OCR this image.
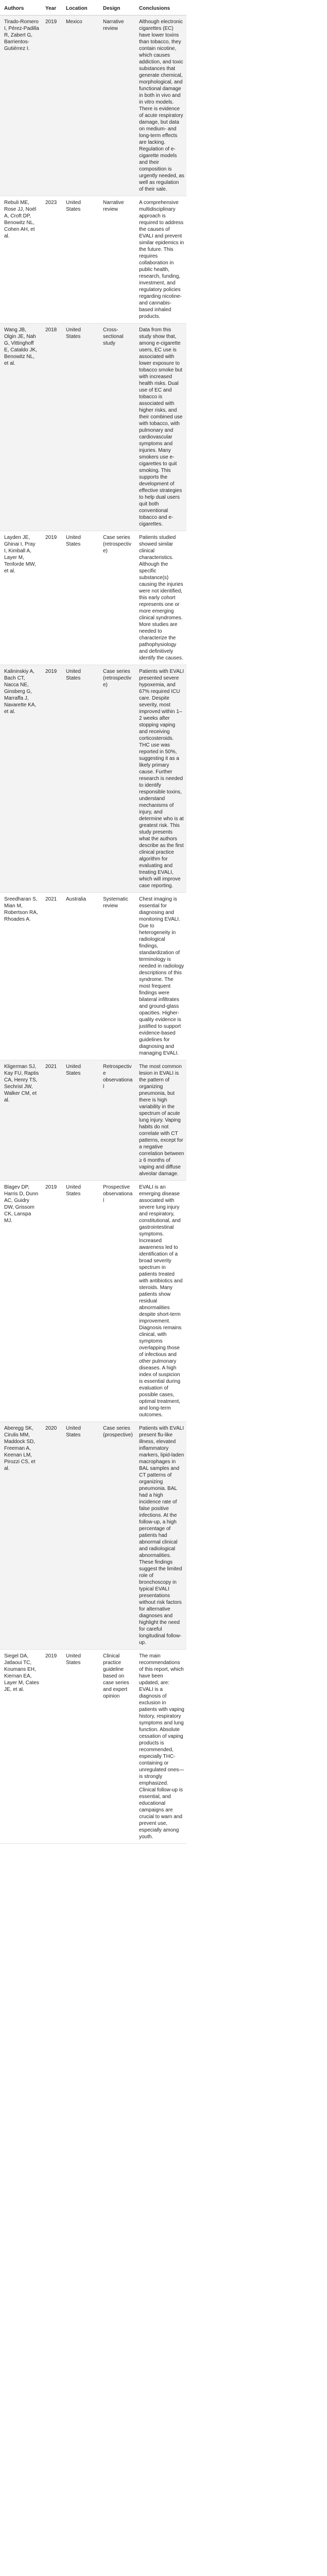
Authors	Year	Location	Design	Conclusions	
Tirado-Romero I, Pérez-Padilla R, Zabert G, Barrientos-Gutiérrez I.	2019	Mexico	Narrative review	Although electronic cigarettes (EC) have lower toxins than tobacco, they contain nicotine, which causes addiction, and toxic substances that generate chemical, morphological, and functional damage in both in vivo and in vitro models. There is evidence of acute respiratory damage, but data on medium- and long-term effects are lacking. Regulation of e-cigarette models and their composition is urgently needed, as well as regulation of their sale.	
Rebuli ME, Rose JJ, Noël A, Croft DP, Benowitz NL, Cohen AH, et al.	2023	United States	Narrative review	A comprehensive multidisciplinary approach is required to address the causes of EVALI and prevent similar epidemics in the future. This requires collaboration in public health, research, funding, investment, and regulatory policies regarding nicotine- and cannabis-based inhaled products.	
Wang JB, Olgin JE, Nah G, Vittinghoff E, Cataldo JK, Benowitz NL, et al.	2018	United States	Cross-sectional study	Data from this study show that, among e-cigarette users, EC use is associated with lower exposure to tobacco smoke but with increased health risks. Dual use of EC and tobacco is associated with higher risks, and their combined use with tobacco, with pulmonary and cardiovascular symptoms and injuries. Many smokers use e-cigarettes to quit smoking. This supports the development of effective strategies to help dual users quit both conventional tobacco and e-cigarettes.	
Layden JE, Ghinai I, Pray I, Kimball A, Layer M, Tenforde MW, et al.	2019	United States	Case series (retrospective)	Patients studied showed similar clinical characteristics. Although the specific substance(s) causing the injuries were not identified, this early cohort represents one or more emerging clinical syndromes. More studies are needed to characterize the pathophysiology and definitively identify the causes.	
Kalininskiy A, Bach CT, Nacca NE, Ginsberg G, Marraffa J, Navarette KA, et al.	2019	United States	Case series (retrospective)	Patients with EVALI presented severe hypoxemia, and 67% required ICU care. Despite severity, most improved within 1–2 weeks after stopping vaping and receiving corticosteroids. THC use was reported in 50%, suggesting it as a likely primary cause. Further research is needed to identify responsible toxins, understand mechanisms of injury, and determine who is at greatest risk. This study presents what the authors describe as the first clinical practice algorithm for evaluating and treating EVALI, which will improve case reporting.	
Sreedharan S, Mian M, Robertson RA, Rhoades A.	2021	Australia	Systematic review	Chest imaging is essential for diagnosing and monitoring EVALI. Due to heterogeneity in radiological findings, standardization of terminology is needed in radiology descriptions of this syndrome. The most frequent findings were bilateral infiltrates and ground-glass opacities. Higher-quality evidence is justified to support evidence-based guidelines for diagnosing and managing EVALI.	
Kligerman SJ, Kay FU, Raptis CA, Henry TS, Sechrist JW, Walker CM, et al.	2021	United States	Retrospective observational	The most common lesion in EVALI is the pattern of organizing pneumonia, but there is high variability in the spectrum of acute lung injury. Vaping habits do not correlate with CT patterns, except for a negative correlation between ≥ 6 months of vaping and diffuse alveolar damage.	
Blagev DP, Harris D, Dunn AC, Guidry DW, Grissom CK, Lanspa MJ.	2019	United States	Prospective observational	EVALI is an emerging disease associated with severe lung injury and respiratory, constitutional, and gastrointestinal symptoms. Increased awareness led to identification of a broad severity spectrum in patients treated with antibiotics and steroids. Many patients show residual abnormalities despite short-term improvement. Diagnosis remains clinical, with symptoms overlapping those of infectious and other pulmonary diseases. A high index of suspicion is essential during evaluation of possible cases, optimal treatment, and long-term outcomes.	
Aberegg SK, Cirulis MM, Maddock SD, Freeman A, Keenan LM, Pirozzi CS, et al.	2020	United States	Case series (prospective)	Patients with EVALI present flu-like illness, elevated inflammatory markers, lipid-laden macrophages in BAL samples and CT patterns of organizing pneumonia. BAL had a high incidence rate of false positive infections. At the follow-up, a high percentage of patients had abnormal clinical and radiological abnormalities. These findings suggest the limited role of bronchoscopy in typical EVALI presentations without risk factors for alternative diagnoses and highlight the need for careful longitudinal follow-up.	
Siegel DA, Jatlaoui TC, Koumans EH, Kiernan EA, Layer M, Cates JE, et al.	2019	United States	Clinical practice guideline based on case series and expert opinion	The main recommendations of this report, which have been updated, are: EVALI is a diagnosis of exclusion in patients with vaping history, respiratory symptoms and lung function. Absolute cessation of vaping products is recommended, especially THC-containing or unregulated ones—is strongly emphasized. Clinical follow-up is essential, and educational campaigns are crucial to warn and prevent use, especially among youth.	
